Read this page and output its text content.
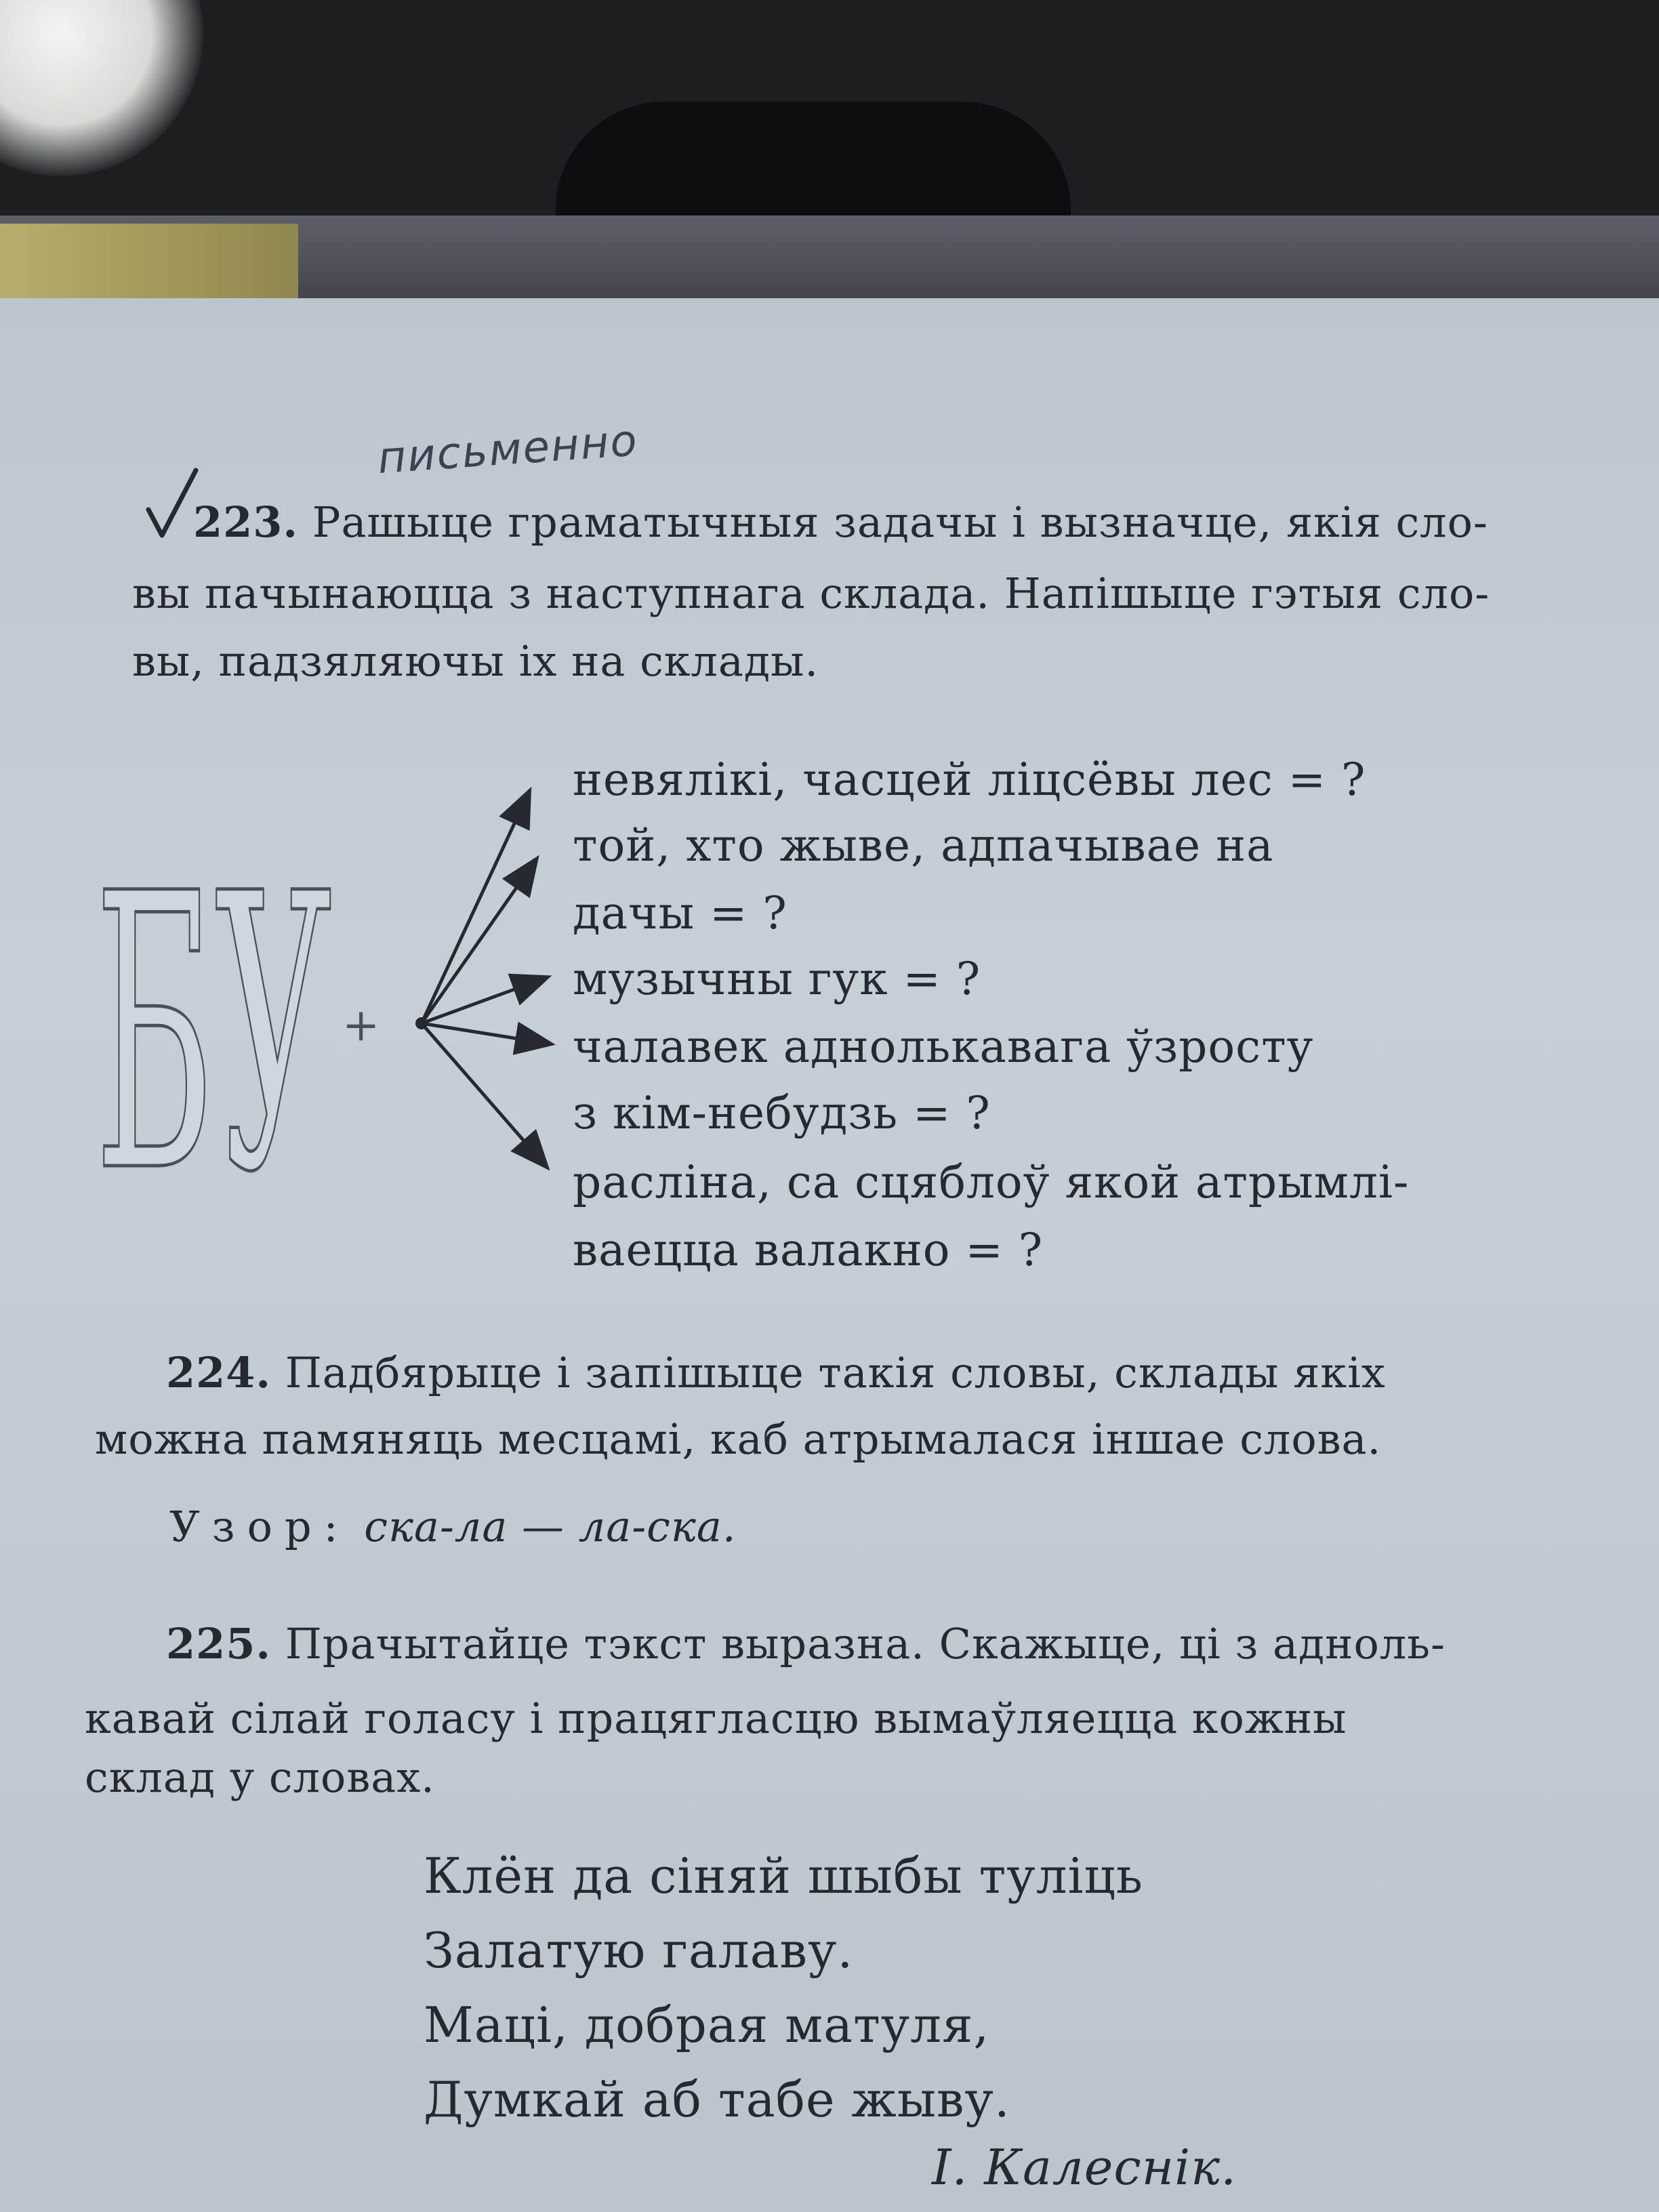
письменно
223. Рашыце граматычныя задачы і вызначце, якія сло-
вы пачынаюцца з наступнага склада. Напішыце гэтыя сло-
вы, падзяляючы іх на склады.
БУ +
невялікі, часцей ліцсёвы лес = ?
той, хто жыве, адпачывае на
дачы = ?
музычны гук = ?
чалавек аднолькавага ўзросту
з кім-небудзь = ?
расліна, са сцяблоў якой атрымлі-
ваецца валакно = ?
224. Падбярыце і запішыце такія словы, склады якіх
можна памяняць месцамі, каб атрымалася іншае слова.
Узор: ска-ла — ла-ска.
225. Прачытайце тэкст выразна. Скажыце, ці з адноль-
кавай сілай голасу і працягласцю вымаўляецца кожны
склад у словах.
Клён да сіняй шыбы туліць
Залатую галаву.
Маці, добрая матуля,
Думкай аб табе жыву.
І. Калеснік.
